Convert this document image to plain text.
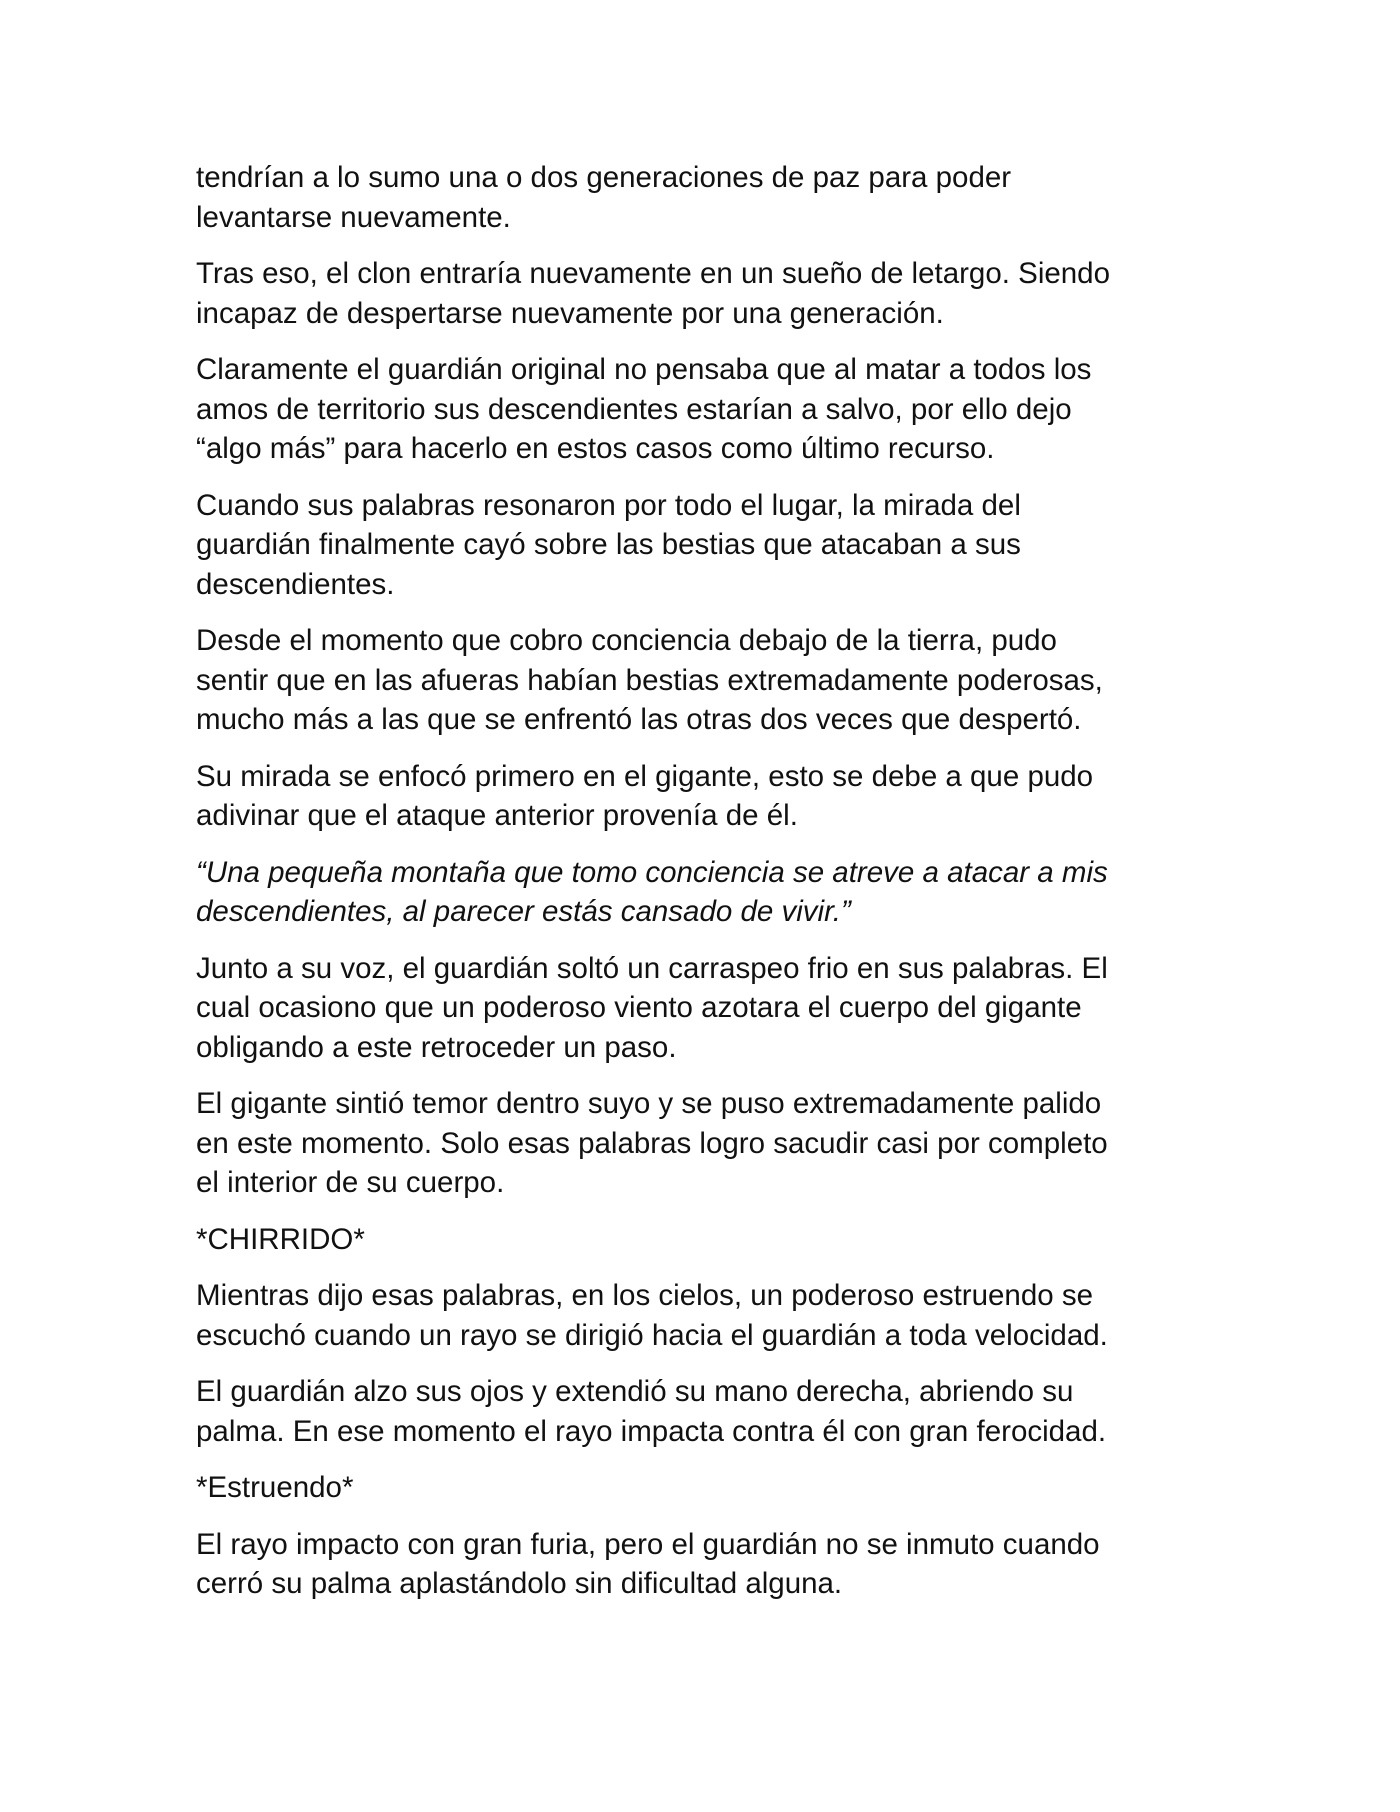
tendrían a lo sumo una o dos generaciones de paz para poder
levantarse nuevamente.

Tras eso, el clon entraría nuevamente en un sueño de letargo. Siendo
incapaz de despertarse nuevamente por una generación.

Claramente el guardián original no pensaba que al matar a todos los
amos de territorio sus descendientes estarían a salvo, por ello dejo
“algo más” para hacerlo en estos casos como último recurso.

Cuando sus palabras resonaron por todo el lugar, la mirada del
guardián finalmente cayó sobre las bestias que atacaban a sus
descendientes.

Desde el momento que cobro conciencia debajo de la tierra, pudo
sentir que en las afueras habían bestias extremadamente poderosas,
mucho más a las que se enfrentó las otras dos veces que despertó.

Su mirada se enfocó primero en el gigante, esto se debe a que pudo
adivinar que el ataque anterior provenía de él.

“Una pequeña montaña que tomo conciencia se atreve a atacar a mis
descendientes, al parecer estás cansado de vivir.”

Junto a su voz, el guardián soltó un carraspeo frio en sus palabras. El
cual ocasiono que un poderoso viento azotara el cuerpo del gigante
obligando a este retroceder un paso.

El gigante sintió temor dentro suyo y se puso extremadamente palido
en este momento. Solo esas palabras logro sacudir casi por completo
el interior de su cuerpo.

*CHIRRIDO*

Mientras dijo esas palabras, en los cielos, un poderoso estruendo se
escuchó cuando un rayo se dirigió hacia el guardián a toda velocidad.

El guardián alzo sus ojos y extendió su mano derecha, abriendo su
palma. En ese momento el rayo impacta contra él con gran ferocidad.

*Estruendo*

El rayo impacto con gran furia, pero el guardián no se inmuto cuando
cerró su palma aplastándolo sin dificultad alguna.
